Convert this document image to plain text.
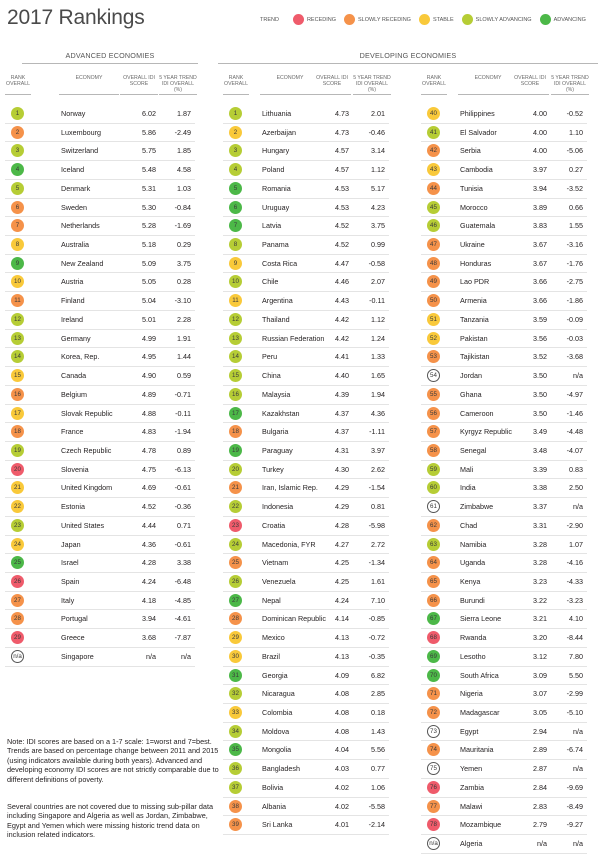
2017 Rankings	TREND	RECEDING	SLOWLY RECEDING	STABLE	SLOWLY ADVANCING	ADVANCING
ADVANCED ECONOMIES	DEVELOPING ECONOMIES
RANK OVERALL
ECONOMY	OVERALL IDI SCORE
5 YEAR TREND IDI OVERALL (%)
1	Norway	6.02	1.87
2	Luxembourg	5.86	-2.49
3	Switzerland	5.75	1.85
4	Iceland	5.48	4.58
5	Denmark	5.31	1.03
6	Sweden	5.30	-0.84
7	Netherlands	5.28	-1.69
8	Australia	5.18	0.29
9	New Zealand	5.09	3.75
10	Austria	5.05	0.28
11	Finland	5.04	-3.10
12	Ireland	5.01	2.28
13	Germany	4.99	1.91
14	Korea, Rep.	4.95	1.44
15	Canada	4.90	0.59
16	Belgium	4.89	-0.71
17	Slovak Republic	4.88	-0.11
18	France	4.83	-1.94
19	Czech Republic	4.78	0.89
20	Slovenia	4.75	-6.13
21	United Kingdom	4.69	-0.61
22	Estonia	4.52	-0.36
23	United States	4.44	0.71
24	Japan	4.36	-0.61
25	Israel	4.28	3.38
26	Spain	4.24	-6.48
27	Italy	4.18	-4.85
28	Portugal	3.94	-4.61
29	Greece	3.68	-7.87
n/a	Singapore	n/a	n/a
RANK OVERALL
ECONOMY	OVERALL IDI SCORE
5 YEAR TREND IDI OVERALL (%)
1	Lithuania	4.73	2.01
2	Azerbaijan	4.73	-0.46
3	Hungary	4.57	3.14
4	Poland	4.57	1.12
5	Romania	4.53	5.17
6	Uruguay	4.53	4.23
7	Latvia	4.52	3.75
8	Panama	4.52	0.99
9	Costa Rica	4.47	-0.58
10	Chile	4.46	2.07
11	Argentina	4.43	-0.11
12	Thailand	4.42	1.12
13	Russian Federation	4.42	1.24
14	Peru	4.41	1.33
15	China	4.40	1.65
16	Malaysia	4.39	1.94
17	Kazakhstan	4.37	4.36
18	Bulgaria	4.37	-1.11
19	Paraguay	4.31	3.97
20	Turkey	4.30	2.62
21	Iran, Islamic Rep.	4.29	-1.54
22	Indonesia	4.29	0.81
23	Croatia	4.28	-5.98
24	Macedonia, FYR	4.27	2.72
25	Vietnam	4.25	-1.34
26	Venezuela	4.25	1.61
27	Nepal	4.24	7.10
28	Dominican Republic	4.14	-0.85
29	Mexico	4.13	-0.72
30	Brazil	4.13	-0.35
31	Georgia	4.09	6.82
32	Nicaragua	4.08	2.85
33	Colombia	4.08	0.18
34	Moldova	4.08	1.43
35	Mongolia	4.04	5.56
36	Bangladesh	4.03	0.77
37	Bolivia	4.02	1.06
38	Albania	4.02	-5.58
39	Sri Lanka	4.01	-2.14
RANK OVERALL
ECONOMY	OVERALL IDI SCORE
5 YEAR TREND IDI OVERALL (%)
40	Philippines	4.00	-0.52
41	El Salvador	4.00	1.10
42	Serbia	4.00	-5.06
43	Cambodia	3.97	0.27
44	Tunisia	3.94	-3.52
45	Morocco	3.89	0.66
46	Guatemala	3.83	1.55
47	Ukraine	3.67	-3.16
48	Honduras	3.67	-1.76
49	Lao PDR	3.66	-2.75
50	Armenia	3.66	-1.86
51	Tanzania	3.59	-0.09
52	Pakistan	3.56	-0.03
53	Tajikistan	3.52	-3.68
54	Jordan	3.50	n/a
55	Ghana	3.50	-4.97
56	Cameroon	3.50	-1.46
57	Kyrgyz Republic	3.49	-4.48
58	Senegal	3.48	-4.07
59	Mali	3.39	0.83
60	India	3.38	2.50
61	Zimbabwe	3.37	n/a
62	Chad	3.31	-2.90
63	Namibia	3.28	1.07
64	Uganda	3.28	-4.16
65	Kenya	3.23	-4.33
66	Burundi	3.22	-3.23
67	Sierra Leone	3.21	4.10
68	Rwanda	3.20	-8.44
69	Lesotho	3.12	7.80
70	South Africa	3.09	5.50
71	Nigeria	3.07	-2.99
72	Madagascar	3.05	-5.10
73	Egypt	2.94	n/a
74	Mauritania	2.89	-6.74
75	Yemen	2.87	n/a
76	Zambia	2.84	-9.69
77	Malawi	2.83	-8.49
78	Mozambique	2.79	-9.27
n/a	Algeria	n/a	n/a
Note: IDI scores are based on a 1-7 scale: 1=worst and 7=best. Trends are based on percentage change between 2011 and 2015 (using indicators available during both years). Advanced and developing economy IDI scores are not strictly comparable due to different definitions of poverty.
Several countries are not covered due to missing sub-pillar data including Singapore and Algeria as well as Jordan, Zimbabwe, Egypt and Yemen which were missing historic trend data on inclusion related indicators.
